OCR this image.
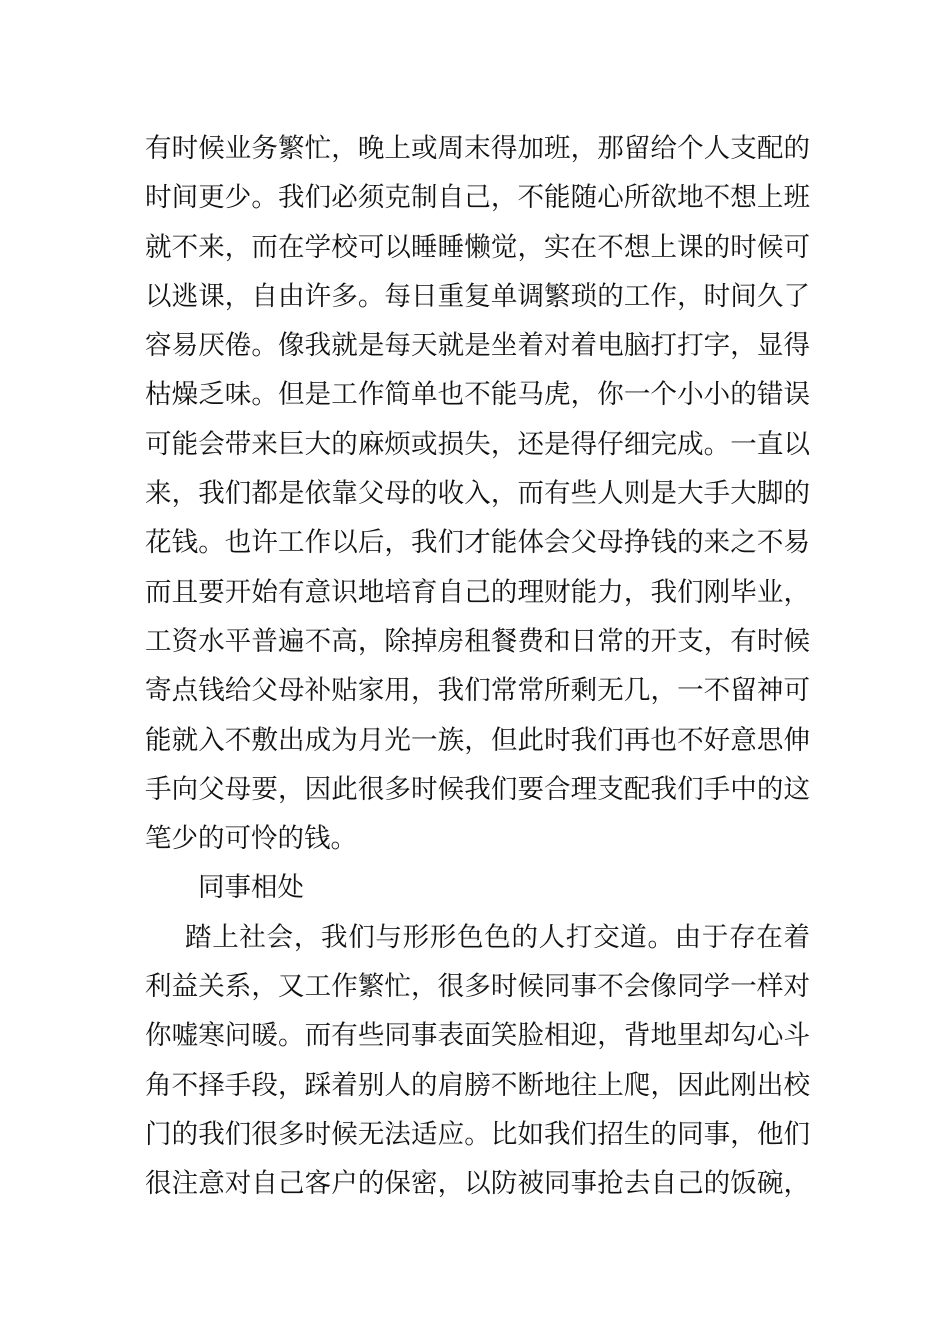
有时候业务繁忙，晚上或周末得加班，那留给个人支配的
时间更少。我们必须克制自己，不能随心所欲地不想上班
就不来，而在学校可以睡睡懒觉，实在不想上课的时候可
以逃课，自由许多。每日重复单调繁琐的工作，时间久了
容易厌倦。像我就是每天就是坐着对着电脑打打字，显得
枯燥乏味。但是工作简单也不能马虎，你一个小小的错误
可能会带来巨大的麻烦或损失，还是得仔细完成。一直以
来，我们都是依靠父母的收入，而有些人则是大手大脚的
花钱。也许工作以后，我们才能体会父母挣钱的来之不易
而且要开始有意识地培育自己的理财能力，我们刚毕业，
工资水平普遍不高，除掉房租餐费和日常的开支，有时候
寄点钱给父母补贴家用，我们常常所剩无几，一不留神可
能就入不敷出成为月光一族，但此时我们再也不好意思伸
手向父母要，因此很多时候我们要合理支配我们手中的这
笔少的可怜的钱。
同事相处
踏上社会，我们与形形色色的人打交道。由于存在着
利益关系，又工作繁忙，很多时候同事不会像同学一样对
你嘘寒问暖。而有些同事表面笑脸相迎，背地里却勾心斗
角不择手段，踩着别人的肩膀不断地往上爬，因此刚出校
门的我们很多时候无法适应。比如我们招生的同事，他们
很注意对自己客户的保密，以防被同事抢去自己的饭碗，
